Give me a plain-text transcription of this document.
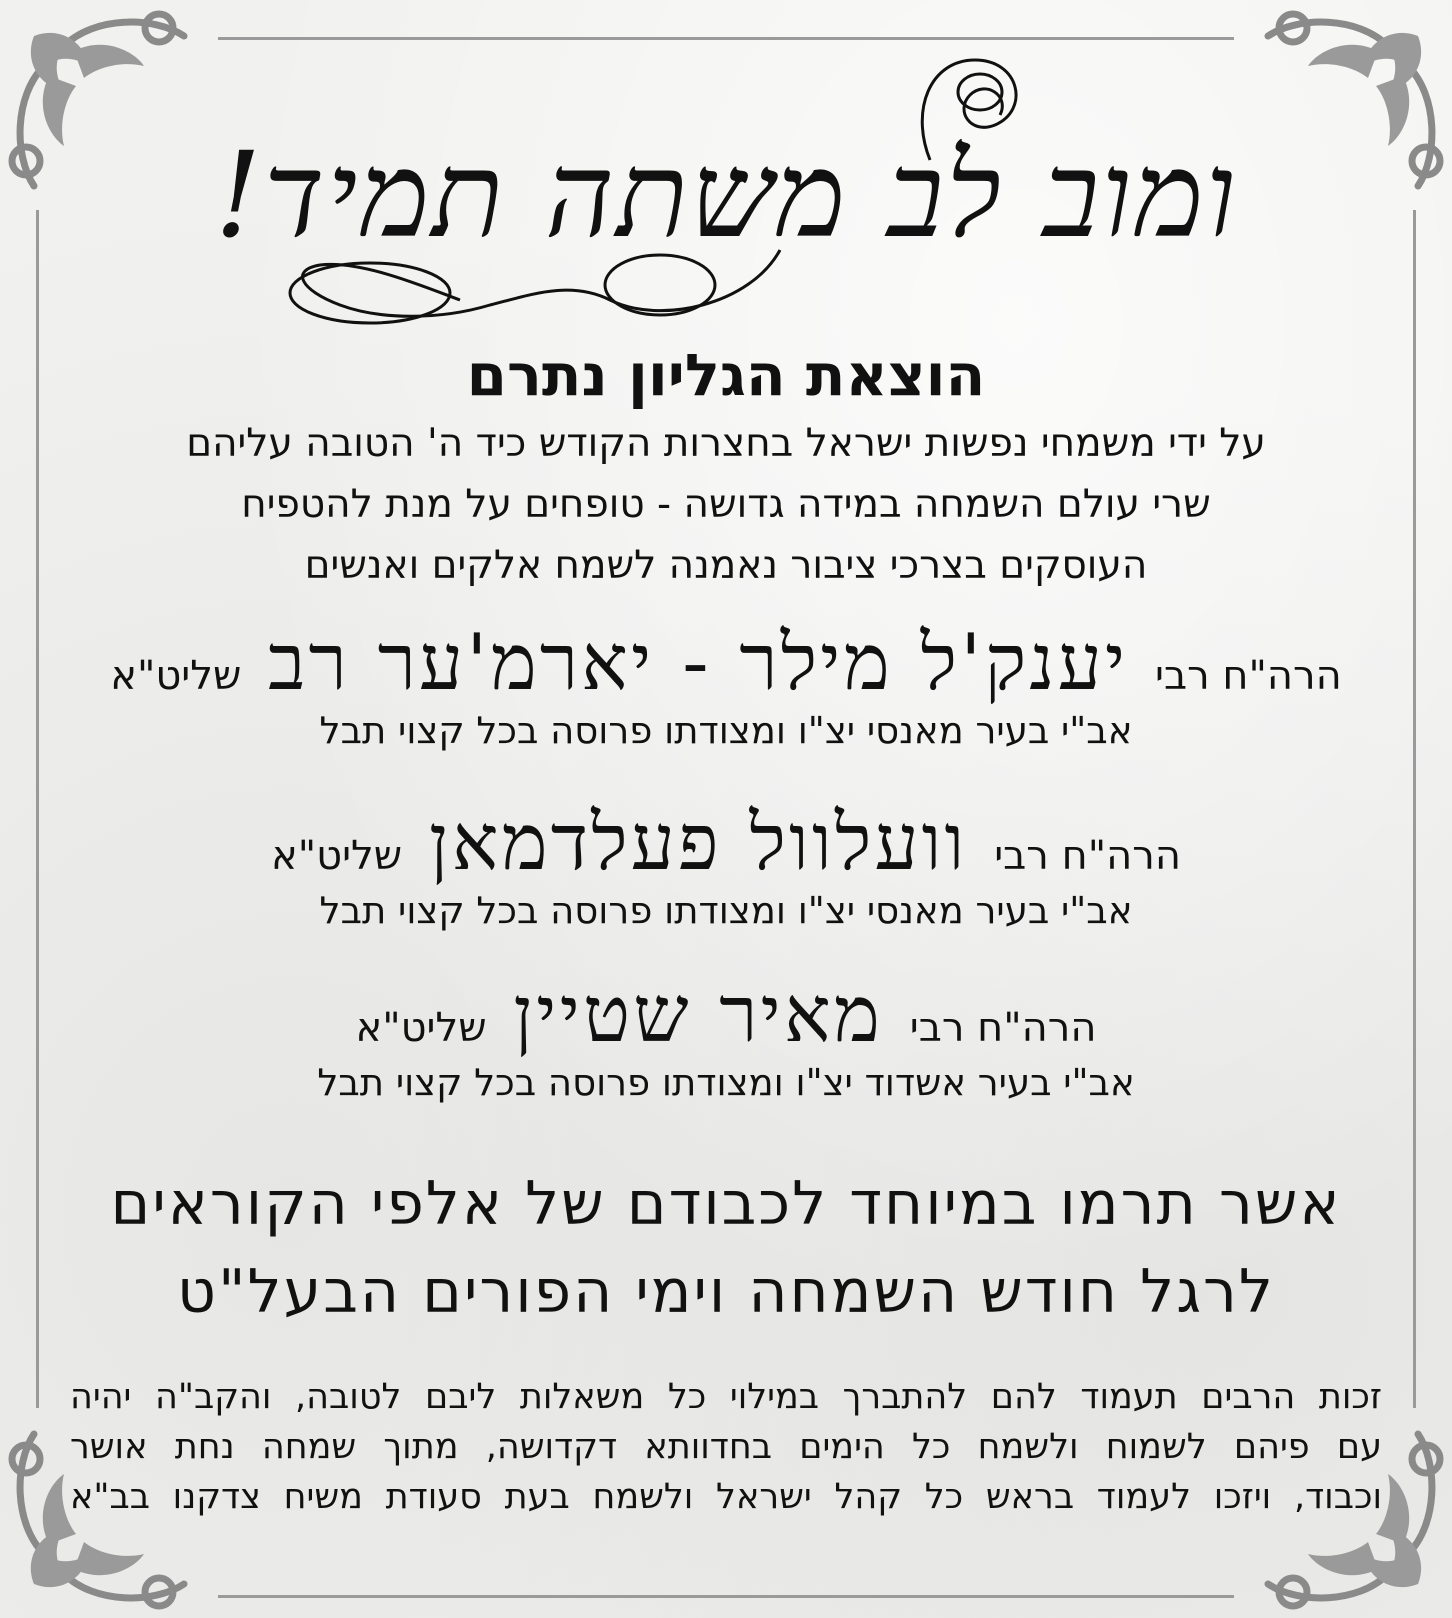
ומוב לב משתה תמיד!
הוצאת הגליון נתרם
על ידי משמחי נפשות ישראל בחצרות הקודש כיד ה' הטובה עליהם
שרי עולם השמחה במידה גדושה - טופחים על מנת להטפיח
העוסקים בצרכי ציבור נאמנה לשמח אלקים ואנשים
הרה"ח רבי יענק'ל מילר - יארמ'ער רב שליט"א
אב"י בעיר מאנסי יצ"ו ומצודתו פרוסה בכל קצוי תבל
הרה"ח רבי וועלוול פעלדמאן שליט"א
אב"י בעיר מאנסי יצ"ו ומצודתו פרוסה בכל קצוי תבל
הרה"ח רבי מאיר שטיין שליט"א
אב"י בעיר אשדוד יצ"ו ומצודתו פרוסה בכל קצוי תבל
אשר תרמו במיוחד לכבודם של אלפי הקוראים
לרגל חודש השמחה וימי הפורים הבעל"ט
זכות הרבים תעמוד להם להתברך במילוי כל משאלות ליבם לטובה, והקב"ה יהיה
עם פיהם לשמוח ולשמח כל הימים בחדוותא דקדושה, מתוך שמחה נחת אושר
וכבוד, ויזכו לעמוד בראש כל קהל ישראל ולשמח בעת סעודת משיח צדקנו בב"א
